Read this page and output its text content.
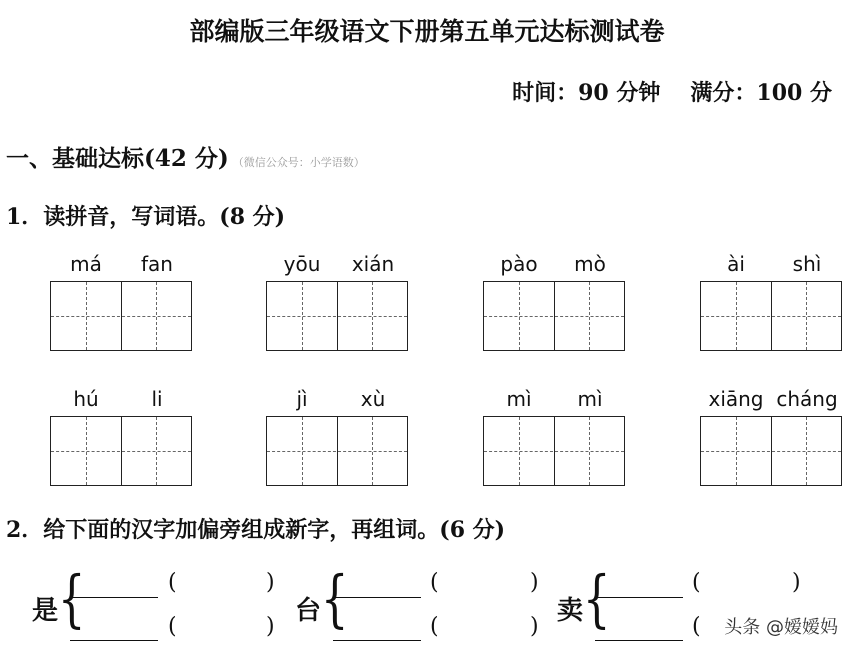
部编版三年级语文下册第五单元达标测试卷
时间：90 分钟 满分：100 分
一、基础达标(42 分) （微信公众号：小学语数）
1．读拼音，写词语。(8 分)
má	fan	yōu	xián	pào	mò	ài	shì
hú	li	jì	xù	mì	mì	xiāng cháng
2．给下面的汉字加偏旁组成新字，再组词。(6 分)
是 {	(	)
(	)
台 {	(	)
(	)
卖 {	(	)
( 头条 @嫒嫒妈
